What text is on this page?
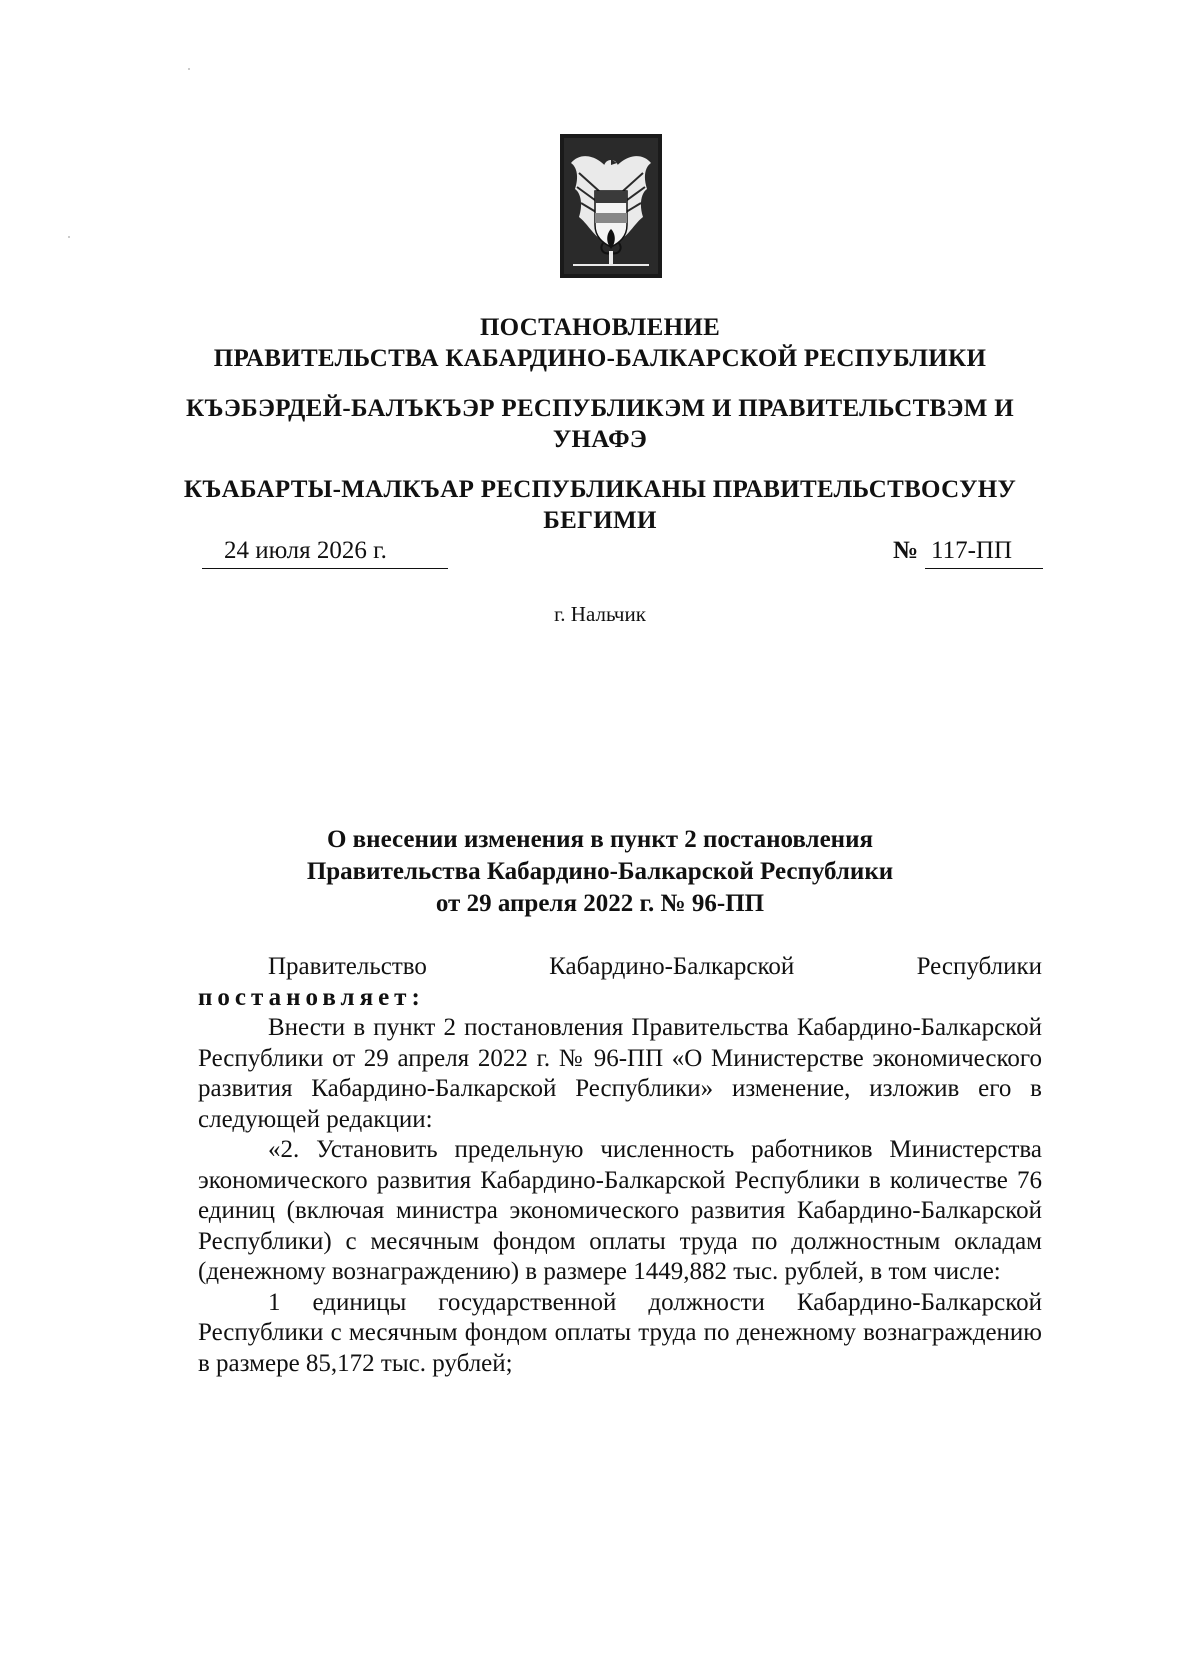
ПОСТАНОВЛЕНИЕ
ПРАВИТЕЛЬСТВА КАБАРДИНО-БАЛКАРСКОЙ РЕСПУБЛИКИ
КЪЭБЭРДЕЙ-БАЛЪКЪЭР РЕСПУБЛИКЭМ И ПРАВИТЕЛЬСТВЭМ И
УНАФЭ
КЪАБАРТЫ-МАЛКЪАР РЕСПУБЛИКАНЫ ПРАВИТЕЛЬСТВОСУНУ
БЕГИМИ
24 июля 2026 г.	№ 117-ПП
г. Нальчик
О внесении изменения в пункт 2 постановления
Правительства Кабардино-Балкарской Республики
от 29 апреля 2022 г. № 96-ПП

Правительство Кабардино-Балкарской Республики

постановляет:

Внести в пункт 2 постановления Правительства Кабардино-Балкарской Республики от 29 апреля 2022 г. № 96-ПП «О Министерстве экономического развития Кабардино-Балкарской Республики» изменение, изложив его в следующей редакции:

«2. Установить предельную численность работников Министерства экономического развития Кабардино-Балкарской Республики в количестве 76 единиц (включая министра экономического развития Кабардино-Балкарской Республики) с месячным фондом оплаты труда по должностным окладам (денежному вознаграждению) в размере 1449,882 тыс. рублей, в том числе:

1 единицы государственной должности Кабардино-Балкарской Республики с месячным фондом оплаты труда по денежному вознаграждению в размере 85,172 тыс. рублей;
